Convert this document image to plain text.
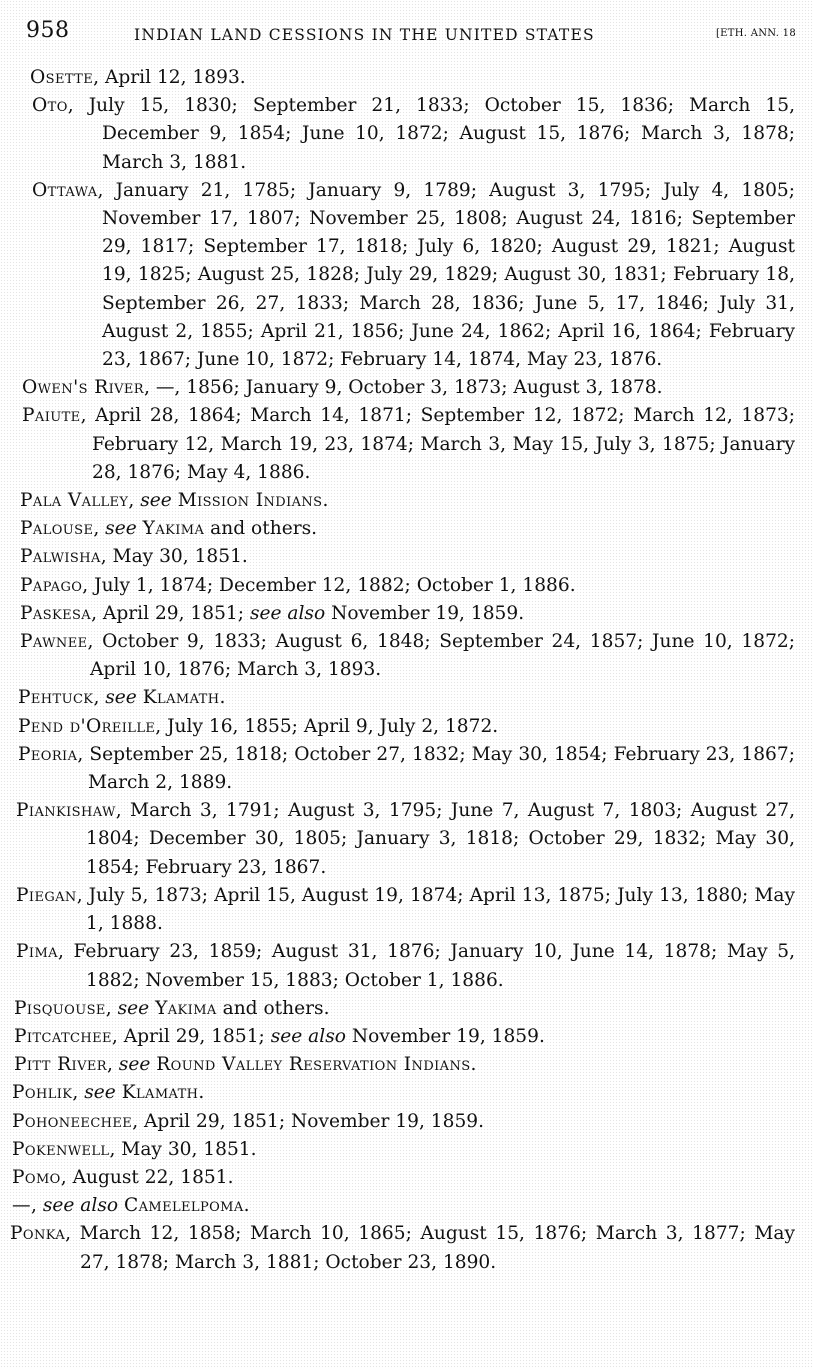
958	INDIAN LAND CESSIONS IN THE UNITED STATES	[ETH. ANN. 18

Osette, April 12, 1893.

Oto, July 15, 1830; September 21, 1833; October 15, 1836; March 15, December 9, 1854; June 10, 1872; August 15, 1876; March 3, 1878; March 3, 1881.

Ottawa, January 21, 1785; January 9, 1789; August 3, 1795; July 4, 1805; November 17, 1807; November 25, 1808; August 24, 1816; September 29, 1817; September 17, 1818; July 6, 1820; August 29, 1821; August 19, 1825; August 25, 1828; July 29, 1829; August 30, 1831; February 18, September 26, 27, 1833; March 28, 1836; June 5, 17, 1846; July 31, August 2, 1855; April 21, 1856; June 24, 1862; April 16, 1864; February 23, 1867; June 10, 1872; February 14, 1874, May 23, 1876.

Owen's River, —, 1856; January 9, October 3, 1873; August 3, 1878.

Paiute, April 28, 1864; March 14, 1871; September 12, 1872; March 12, 1873; February 12, March 19, 23, 1874; March 3, May 15, July 3, 1875; January 28, 1876; May 4, 1886.

Pala Valley, see Mission Indians.

Palouse, see Yakima and others.

Palwisha, May 30, 1851.

Papago, July 1, 1874; December 12, 1882; October 1, 1886.

Paskesa, April 29, 1851; see also November 19, 1859.

Pawnee, October 9, 1833; August 6, 1848; September 24, 1857; June 10, 1872; April 10, 1876; March 3, 1893.

Pehtuck, see Klamath.

Pend d'Oreille, July 16, 1855; April 9, July 2, 1872.

Peoria, September 25, 1818; October 27, 1832; May 30, 1854; February 23, 1867; March 2, 1889.

Piankishaw, March 3, 1791; August 3, 1795; June 7, August 7, 1803; August 27, 1804; December 30, 1805; January 3, 1818; October 29, 1832; May 30, 1854; February 23, 1867.

Piegan, July 5, 1873; April 15, August 19, 1874; April 13, 1875; July 13, 1880; May 1, 1888.

Pima, February 23, 1859; August 31, 1876; January 10, June 14, 1878; May 5, 1882; November 15, 1883; October 1, 1886.

Pisquouse, see Yakima and others.

Pitcatchee, April 29, 1851; see also November 19, 1859.

Pitt River, see Round Valley Reservation Indians.

Pohlik, see Klamath.

Pohoneechee, April 29, 1851; November 19, 1859.

Pokenwell, May 30, 1851.

Pomo, August 22, 1851.

—, see also Camelelpoma.

Ponka, March 12, 1858; March 10, 1865; August 15, 1876; March 3, 1877; May 27, 1878; March 3, 1881; October 23, 1890.
